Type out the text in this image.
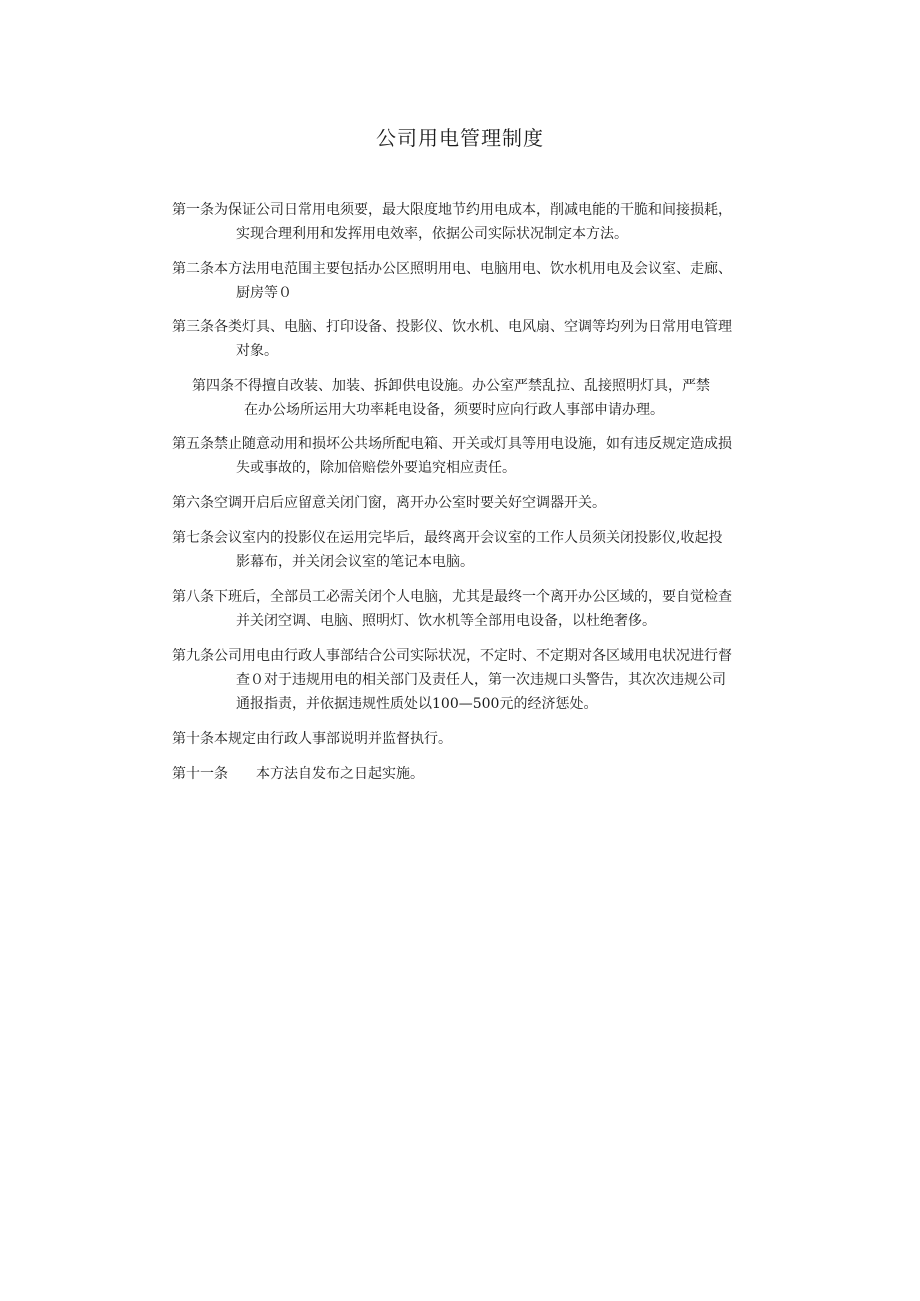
公司用电管理制度
第一条为保证公司日常用电须要，最大限度地节约用电成本，削减电能的干脆和间接损耗，
实现合理利用和发挥用电效率，依据公司实际状况制定本方法。
第二条本方法用电范围主要包括办公区照明用电、电脑用电、饮水机用电及会议室、走廊、
厨房等０
第三条各类灯具、电脑、打印设备、投影仪、饮水机、电风扇、空调等均列为日常用电管理
对象。
第四条不得擅自改装、加装、拆卸供电设施。办公室严禁乱拉、乱接照明灯具，严禁
在办公场所运用大功率耗电设备，须要时应向行政人事部申请办理。
第五条禁止随意动用和损坏公共场所配电箱、开关或灯具等用电设施，如有违反规定造成损
失或事故的，除加倍赔偿外要追究相应责任。
第六条空调开启后应留意关闭门窗，离开办公室时要关好空调器开关。
第七条会议室内的投影仪在运用完毕后，最终离开会议室的工作人员须关闭投影仪,收起投
影幕布，并关闭会议室的笔记本电脑。
第八条下班后，全部员工必需关闭个人电脑，尤其是最终一个离开办公区域的，要自觉检查
并关闭空调、电脑、照明灯、饮水机等全部用电设备，以杜绝奢侈。
第九条公司用电由行政人事部结合公司实际状况，不定时、不定期对各区域用电状况进行督
查０对于违规用电的相关部门及责任人，第一次违规口头警告，其次次违规公司
通报指责，并依据违规性质处以100—500元的经济惩处。
第十条本规定由行政人事部说明并监督执行。
第十一条 本方法自发布之日起实施。
